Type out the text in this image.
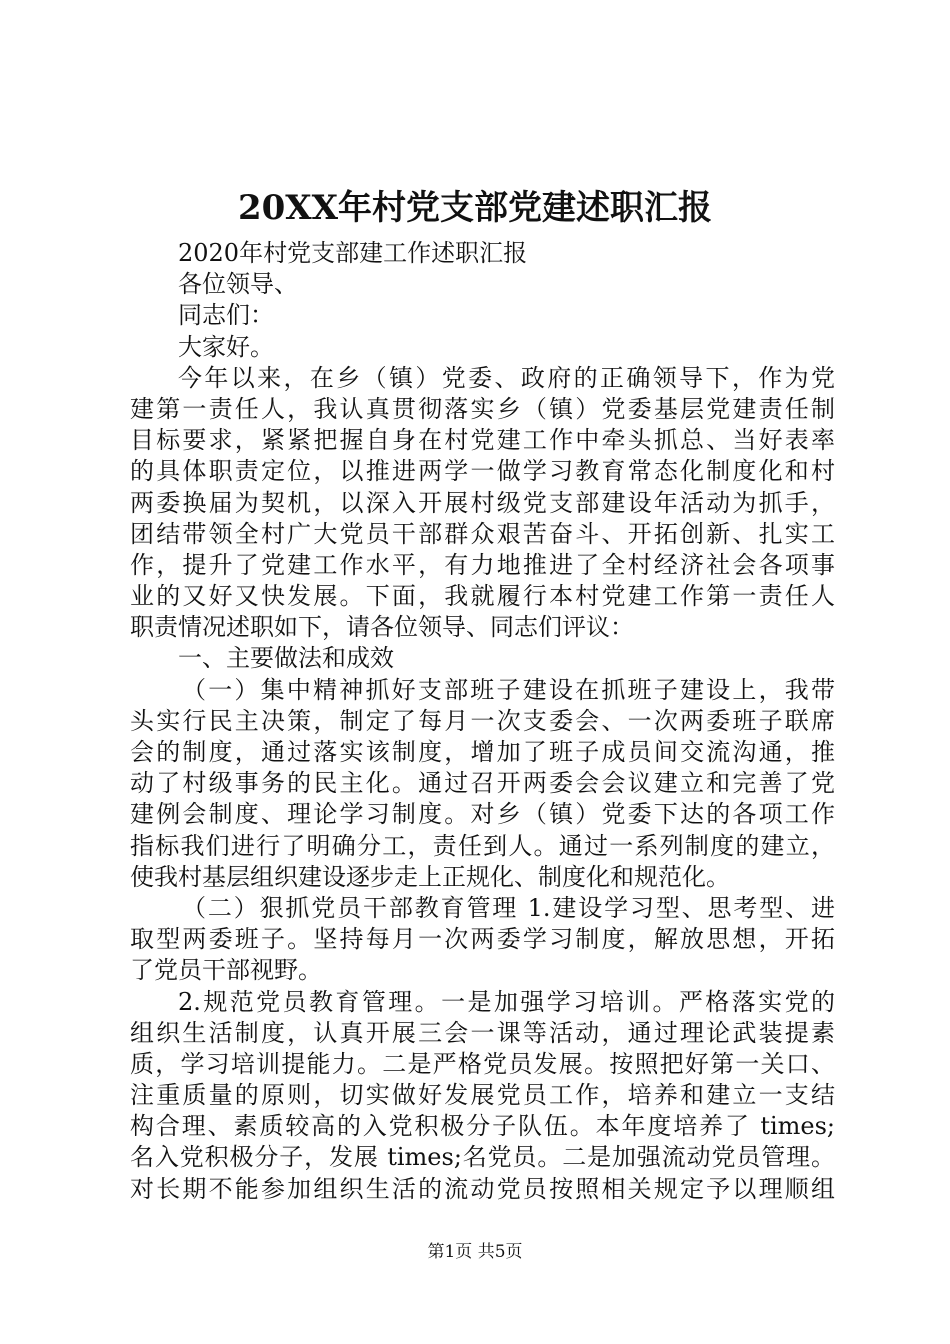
20XX年村党支部党建述职汇报
2020年村党支部建工作述职汇报
各位领导、
同志们：
大家好。
今年以来，在乡（镇）党委、政府的正确领导下，作为党
建第一责任人，我认真贯彻落实乡（镇）党委基层党建责任制
目标要求，紧紧把握自身在村党建工作中牵头抓总、当好表率
的具体职责定位，以推进两学一做学习教育常态化制度化和村
两委换届为契机，以深入开展村级党支部建设年活动为抓手，
团结带领全村广大党员干部群众艰苦奋斗、开拓创新、扎实工
作，提升了党建工作水平，有力地推进了全村经济社会各项事
业的又好又快发展。下面，我就履行本村党建工作第一责任人
职责情况述职如下，请各位领导、同志们评议：
一、主要做法和成效
（一）集中精神抓好支部班子建设在抓班子建设上，我带
头实行民主决策，制定了每月一次支委会、一次两委班子联席
会的制度，通过落实该制度，增加了班子成员间交流沟通，推
动了村级事务的民主化。通过召开两委会会议建立和完善了党
建例会制度、理论学习制度。对乡（镇）党委下达的各项工作
指标我们进行了明确分工，责任到人。通过一系列制度的建立，
使我村基层组织建设逐步走上正规化、制度化和规范化。
（二）狠抓党员干部教育管理 1.建设学习型、思考型、进
取型两委班子。坚持每月一次两委学习制度，解放思想，开拓
了党员干部视野。
2.规范党员教育管理。一是加强学习培训。严格落实党的
组织生活制度，认真开展三会一课等活动，通过理论武装提素
质，学习培训提能力。二是严格党员发展。按照把好第一关口、
注重质量的原则，切实做好发展党员工作，培养和建立一支结
构合理、素质较高的入党积极分子队伍。本年度培养了 times;
名入党积极分子，发展 times;名党员。二是加强流动党员管理。
对长期不能参加组织生活的流动党员按照相关规定予以理顺组
第1页 共5页
